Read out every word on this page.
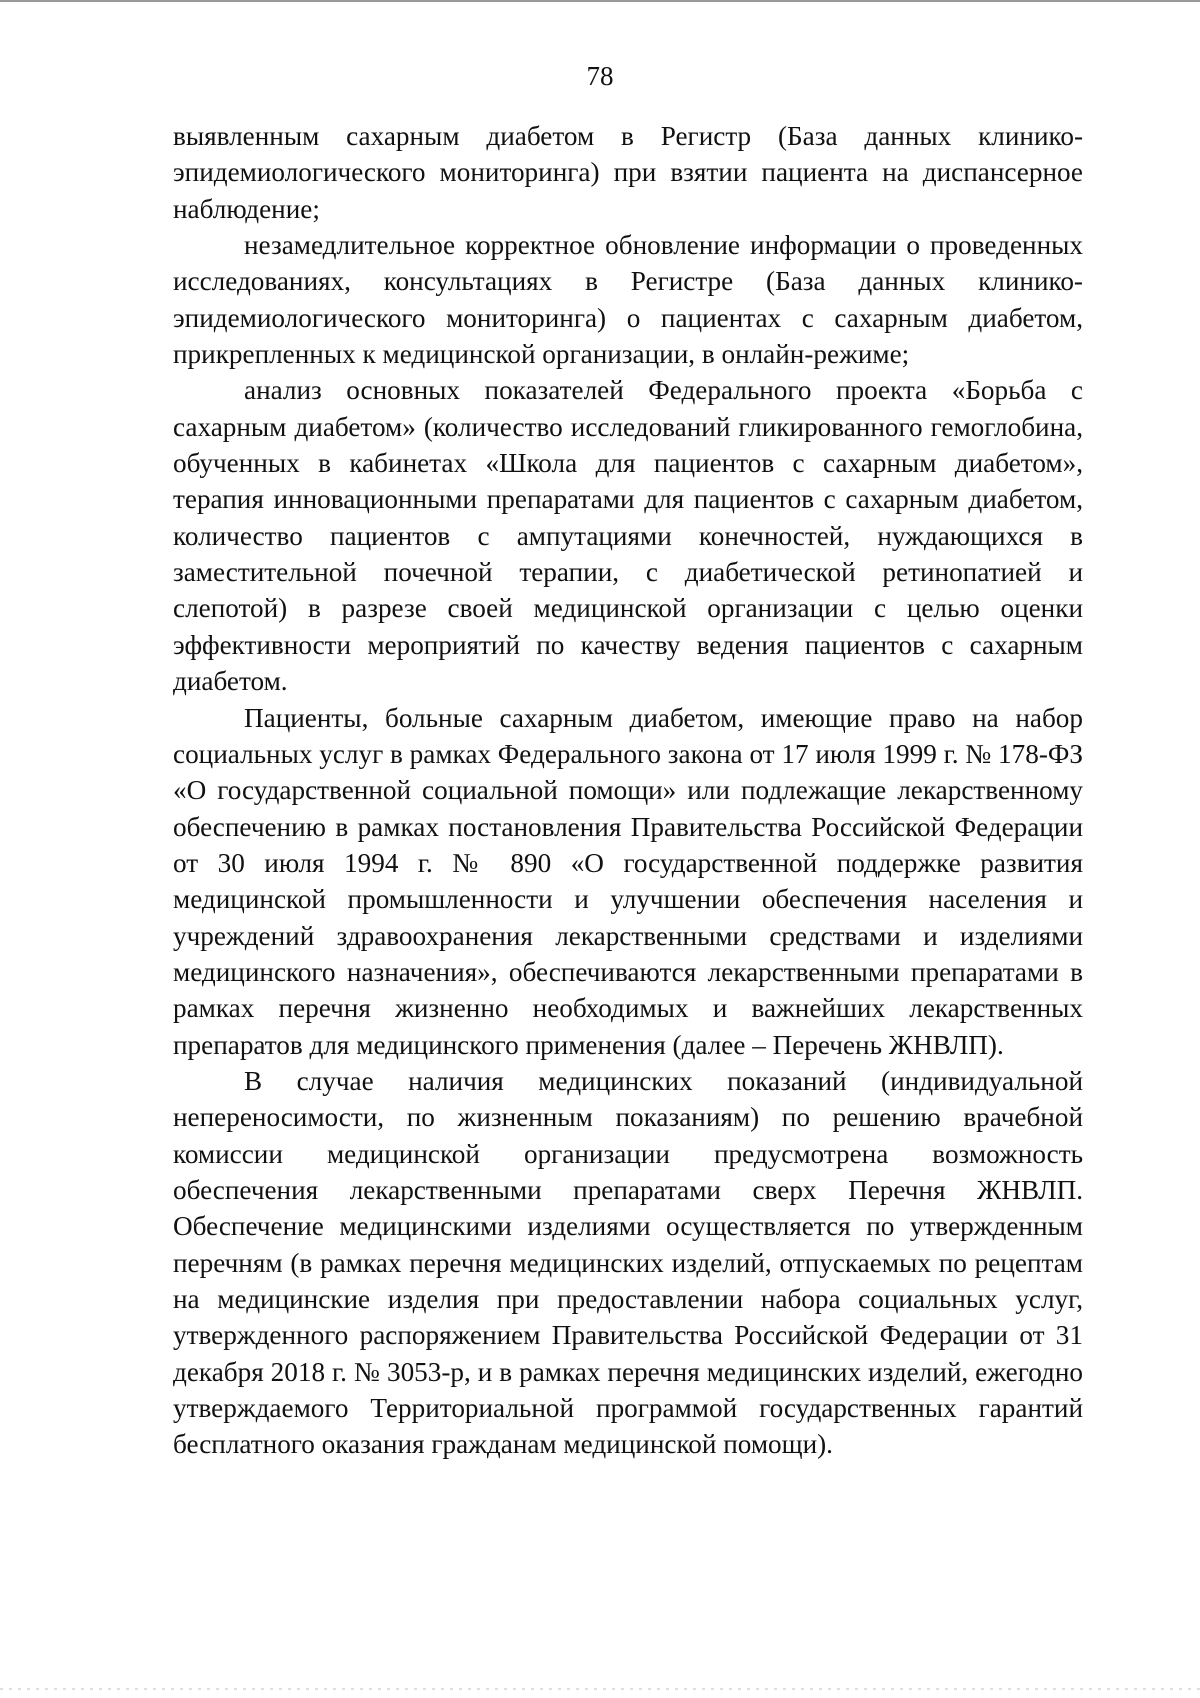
78

выявленным сахарным диабетом в Регистр (База данных клинико-эпидемиологического мониторинга) при взятии пациента на диспансерное наблюдение;

незамедлительное корректное обновление информации о проведенных исследованиях, консультациях в Регистре (База данных клинико-эпидемиологического мониторинга) о пациентах с сахарным диабетом, прикрепленных к медицинской организации, в онлайн-режиме;

анализ основных показателей Федерального проекта «Борьба с сахарным диабетом» (количество исследований гликированного гемоглобина, обученных в кабинетах «Школа для пациентов с сахарным диабетом», терапия инновационными препаратами для пациентов с сахарным диабетом, количество пациентов с ампутациями конечностей, нуждающихся в заместительной почечной терапии, с диабетической ретинопатией и слепотой) в разрезе своей медицинской организации с целью оценки эффективности мероприятий по качеству ведения пациентов с сахарным диабетом.

Пациенты, больные сахарным диабетом, имеющие право на набор социальных услуг в рамках Федерального закона от 17 июля 1999 г. № 178-ФЗ «О государственной социальной помощи» или подлежащие лекарственному обеспечению в рамках постановления Правительства Российской Федерации от 30 июля 1994 г. № 890 «О государственной поддержке развития медицинской промышленности и улучшении обеспечения населения и учреждений здравоохранения лекарственными средствами и изделиями медицинского назначения», обеспечиваются лекарственными препаратами в рамках перечня жизненно необходимых и важнейших лекарственных препаратов для медицинского применения (далее – Перечень ЖНВЛП).

В случае наличия медицинских показаний (индивидуальной непереносимости, по жизненным показаниям) по решению врачебной комиссии медицинской организации предусмотрена возможность обеспечения лекарственными препаратами сверх Перечня ЖНВЛП. Обеспечение медицинскими изделиями осуществляется по утвержденным перечням (в рамках перечня медицинских изделий, отпускаемых по рецептам на медицинские изделия при предоставлении набора социальных услуг, утвержденного распоряжением Правительства Российской Федерации от 31 декабря 2018 г. № 3053-р, и в рамках перечня медицинских изделий, ежегодно утверждаемого Территориальной программой государственных гарантий бесплатного оказания гражданам медицинской помощи).
